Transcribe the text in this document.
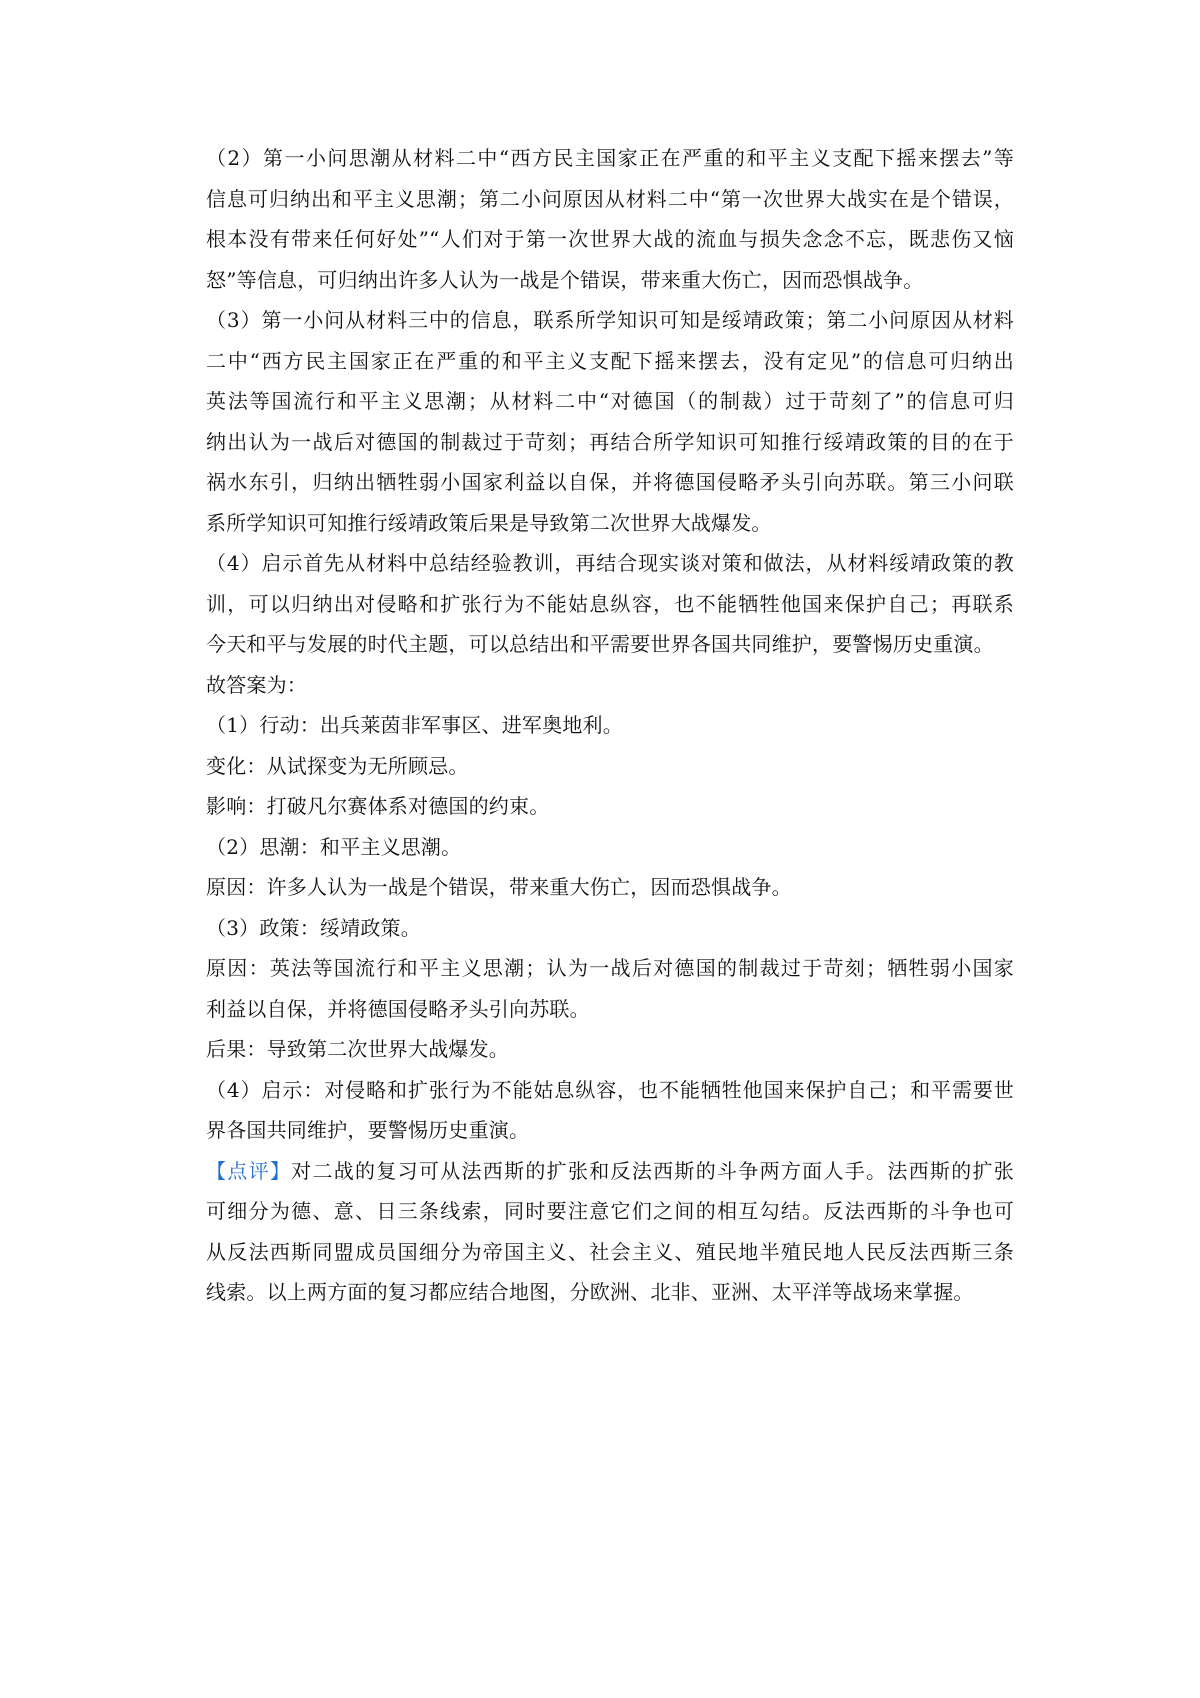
（2）第一小问思潮从材料二中“西方民主国家正在严重的和平主义支配下摇来摆去”等
信息可归纳出和平主义思潮；第二小问原因从材料二中“第一次世界大战实在是个错误，
根本没有带来任何好处”“人们对于第一次世界大战的流血与损失念念不忘，既悲伤又恼
怒”等信息，可归纳出许多人认为一战是个错误，带来重大伤亡，因而恐惧战争。
（3）第一小问从材料三中的信息，联系所学知识可知是绥靖政策；第二小问原因从材料
二中“西方民主国家正在严重的和平主义支配下摇来摆去，没有定见”的信息可归纳出
英法等国流行和平主义思潮；从材料二中“对德国（的制裁）过于苛刻了”的信息可归
纳出认为一战后对德国的制裁过于苛刻；再结合所学知识可知推行绥靖政策的目的在于
祸水东引，归纳出牺牲弱小国家利益以自保，并将德国侵略矛头引向苏联。第三小问联
系所学知识可知推行绥靖政策后果是导致第二次世界大战爆发。
（4）启示首先从材料中总结经验教训，再结合现实谈对策和做法，从材料绥靖政策的教
训，可以归纳出对侵略和扩张行为不能姑息纵容，也不能牺牲他国来保护自己；再联系
今天和平与发展的时代主题，可以总结出和平需要世界各国共同维护，要警惕历史重演。
故答案为：
（1）行动：出兵莱茵非军事区、进军奥地利。
变化：从试探变为无所顾忌。
影响：打破凡尔赛体系对德国的约束。
（2）思潮：和平主义思潮。
原因：许多人认为一战是个错误，带来重大伤亡，因而恐惧战争。
（3）政策：绥靖政策。
原因：英法等国流行和平主义思潮；认为一战后对德国的制裁过于苛刻；牺牲弱小国家
利益以自保，并将德国侵略矛头引向苏联。
后果：导致第二次世界大战爆发。
（4）启示：对侵略和扩张行为不能姑息纵容，也不能牺牲他国来保护自己；和平需要世
界各国共同维护，要警惕历史重演。
【点评】对二战的复习可从法西斯的扩张和反法西斯的斗争两方面人手。法西斯的扩张
可细分为德、意、日三条线索，同时要注意它们之间的相互勾结。反法西斯的斗争也可
从反法西斯同盟成员国细分为帝国主义、社会主义、殖民地半殖民地人民反法西斯三条
线索。以上两方面的复习都应结合地图，分欧洲、北非、亚洲、太平洋等战场来掌握。
